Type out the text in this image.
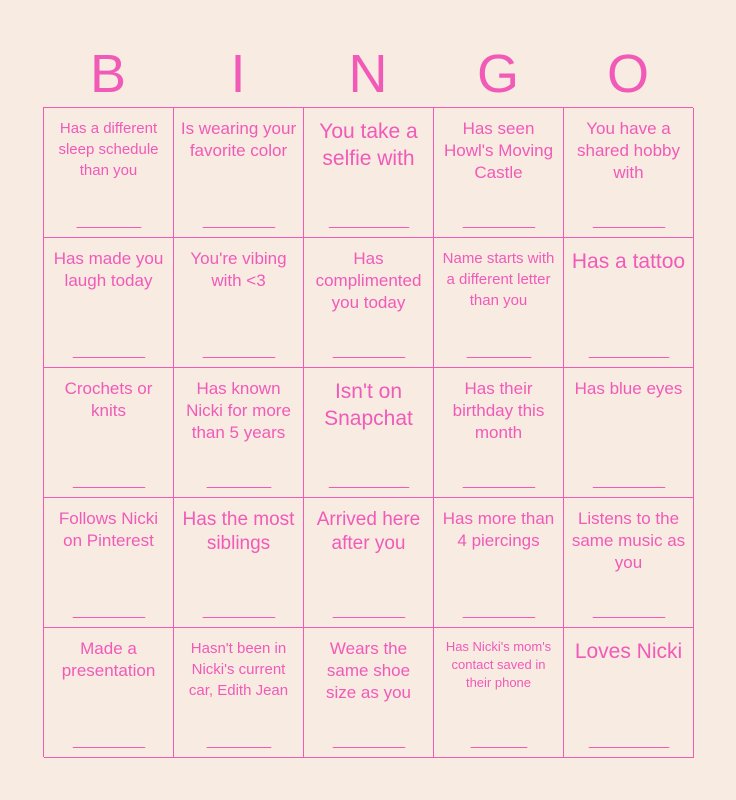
B	I	N	G	O
Has a different sleep schedule than you
________
Is wearing your favorite color
_________
You take a selfie with
__________
Has seen Howl's Moving Castle
_________
You have a shared hobby with
_________
Has made you laugh today
_________
You're vibing with <3
_________
Has complimented you today
_________
Name starts with a different letter than you
________
Has a tattoo
__________
Crochets or knits
_________
Has known Nicki for more than 5 years
________
Isn't on Snapchat
__________
Has their birthday this month
_________
Has blue eyes
_________
Follows Nicki on Pinterest
_________
Has the most siblings
_________
Arrived here after you
_________
Has more than 4 piercings
_________
Listens to the same music as you
_________
Made a presentation
_________
Hasn't been in Nicki's current car, Edith Jean
________
Wears the same shoe size as you
_________
Has Nicki's mom's contact saved in their phone
_______
Loves Nicki
__________
